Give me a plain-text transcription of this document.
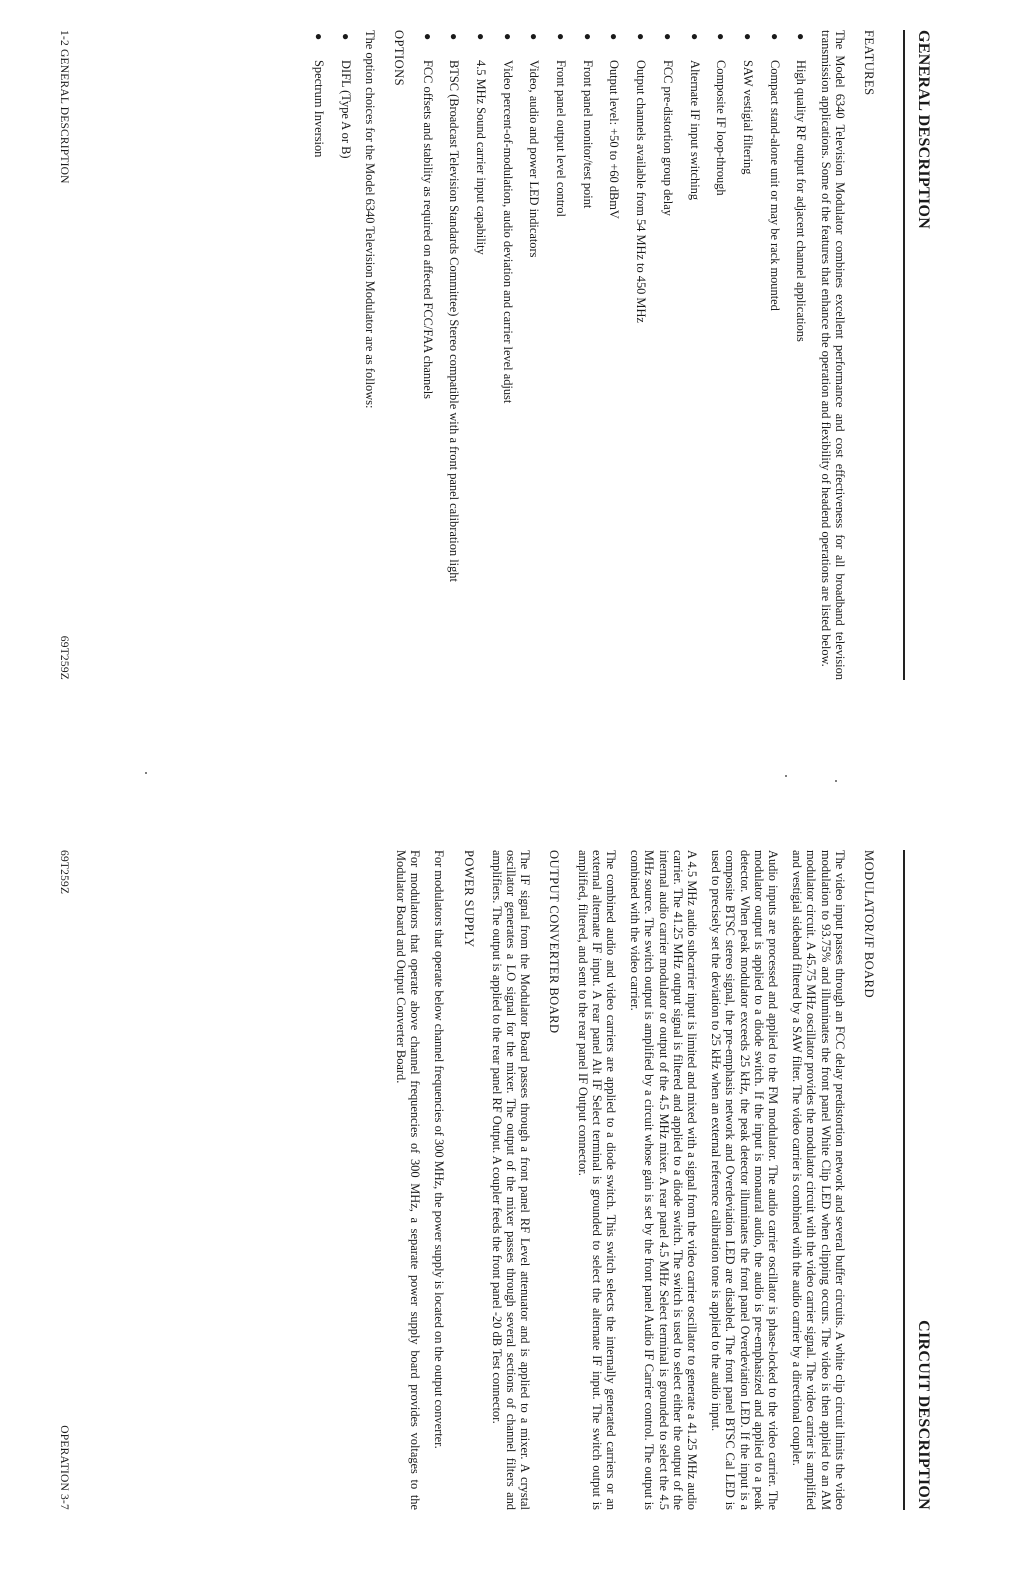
GENERAL DESCRIPTION
FEATURES

The Model 6340 Television Modulator combines excellent performance and cost effectiveness for all broadband television transmission applications. Some of the features that enhance the operation and flexibility of headend operations are listed below.

●
High quality RF output for adjacent channel applications
●
Compact stand-alone unit or may be rack mounted
●
SAW vestigial filtering
●
Composite IF loop-through
●
Alternate IF input switching
●
FCC pre-distortion group delay
●
Output channels available from 54 MHz to 450 MHz
●
Output level: +50 to +60 dBmV
●
Front panel monitor/test point
●
Front panel output level control
●
Video, audio and power LED indicators
●
Video percent-of-modulation, audio deviation and carrier level adjust
●
4.5 MHz Sound carrier input capability
●
BTSC (Broadcast Television Standards Committee) Stereo compatible with a front panel calibration light
●
FCC offsets and stability as required on affected FCC/FAA channels
OPTIONS

The option choices for the Model 6340 Television Modulator are as follows:

●
DIFL (Type A or B)
●
Spectrum Inversion
1-2 GENERAL DESCRIPTION
69T259Z
CIRCUIT DESCRIPTION
MODULATOR/IF BOARD

The video input passes through an FCC delay predistortion network and several buffer circuits. A white clip circuit limits the video modulation to 93.75% and illuminates the front panel White Clip LED when clipping occurs. The video is then applied to an AM modulator circuit. A 45.75 MHz oscillator provides the modulator circuit with the video carrier signal. The video carrier is amplified and vestigial sideband filtered by a SAW filter. The video carrier is combined with the audio carrier by a directional coupler.

Audio inputs are processed and applied to the FM modulator. The audio carrier oscillator is phase-locked to the video carrier. The modulator output is applied to a diode switch. If the input is monaural audio, the audio is pre-emphasized and applied to a peak detector. When peak modulator exceeds 25 kHz, the peak detector illuminates the front panel Overdeviation LED. If the input is a composite BTSC stereo signal, the pre-emphasis network and Overdeviation LED are disabled. The front panel BTSC Cal LED is used to precisely set the deviation to 25 kHz when an external reference calibration tone is applied to the audio input.

A 4.5 MHz audio subcarrier input is limited and mixed with a signal from the video carrier oscillator to generate a 41.25 MHz audio carrier. The 41.25 MHz output signal is filtered and applied to a diode switch. The switch is used to select either the output of the internal audio carrier modulator or output of the 4.5 MHz mixer. A rear panel 4.5 MHz Select terminal is grounded to select the 4.5 MHz source. The switch output is amplified by a circuit whose gain is set by the front panel Audio IF Carrier control. The output is combined with the video carrier.

The combined audio and video carriers are applied to a diode switch. This switch selects the internally generated carriers or an external alternate IF input. A rear panel Alt IF Select terminal is grounded to select the alternate IF input. The switch output is amplified, filtered, and sent to the rear panel IF Output connector.

OUTPUT CONVERTER BOARD

The IF signal from the Modulator Board passes through a front panel RF Level attenuator and is applied to a mixer. A crystal oscillator generates a LO signal for the mixer. The output of the mixer passes through several sections of channel filters and amplifiers. The output is applied to the rear panel RF Output. A coupler feeds the front panel -20 dB Test connector.

POWER SUPPLY

For modulators that operate below channel frequencies of 300 MHz, the power supply is located on the output converter.

For modulators that operate above channel frequencies of 300 MHz, a separate power supply board provides voltages to the Modulator Board and Output Converter Board.

69T259Z
OPERATION 3-7
